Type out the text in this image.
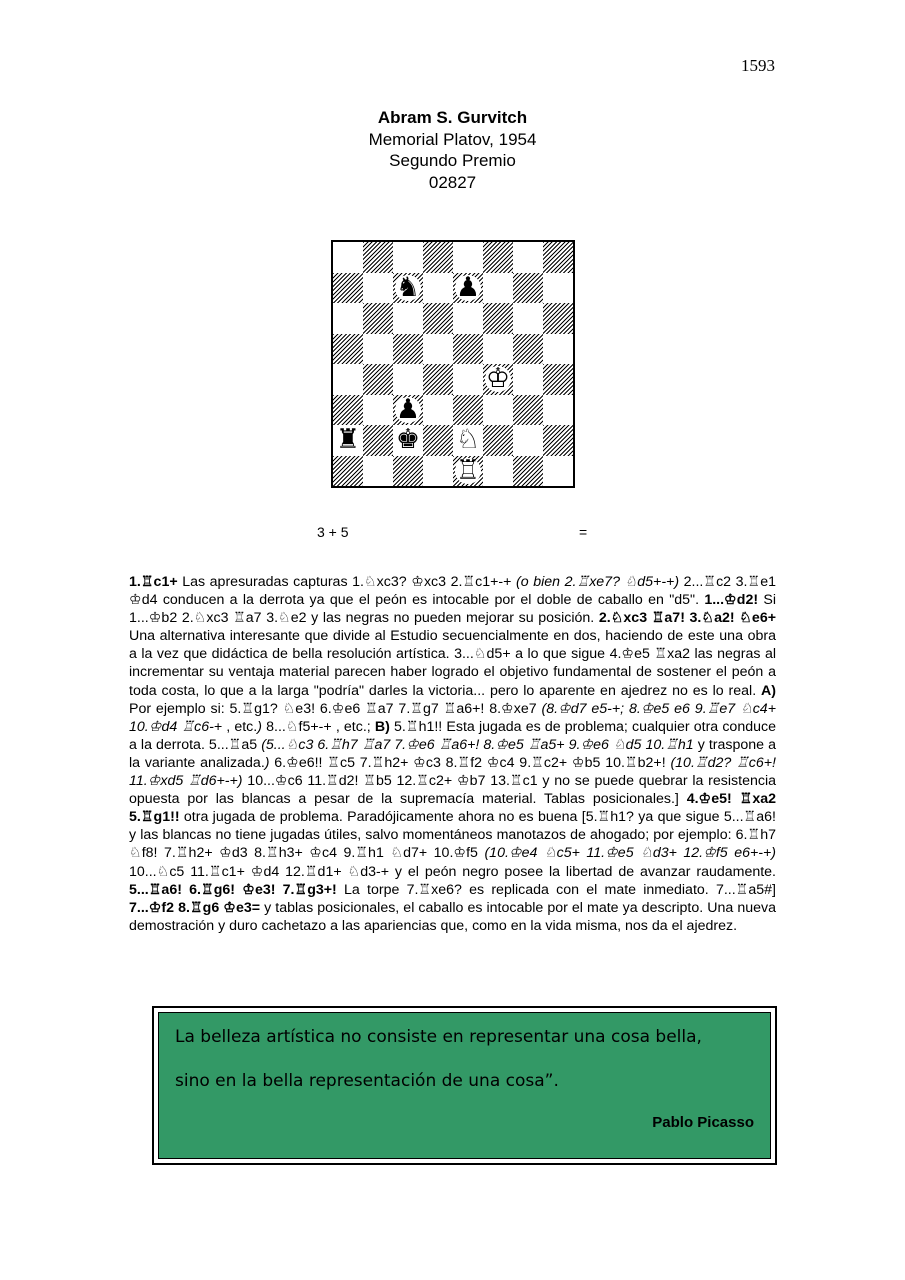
1593
Abram S. Gurvitch
Memorial Platov, 1954
Segundo Premio
02827
♞ ♟
♔
♟
♜ ♚ ♘
♖
3 + 5	=

1.♖c1+ Las apresuradas capturas 1.♘xc3? ♔xc3 2.♖c1+-+ (o bien 2.♖xe7? ♘d5+-+) 2...♖c2 3.♖e1 ♔d4 conducen a la derrota ya que el peón es intocable por el doble de caballo en "d5". 1...♔d2! Si 1...♔b2 2.♘xc3 ♖a7 3.♘e2 y las negras no pueden mejorar su posición. 2.♘xc3 ♖a7! 3.♘a2! ♘e6+ Una alternativa interesante que divide al Estudio secuencialmente en dos, haciendo de este una obra a la vez que didáctica de bella resolución artística. 3...♘d5+ a lo que sigue 4.♔e5 ♖xa2 las negras al incrementar su ventaja material parecen haber logrado el objetivo fundamental de sostener el peón a toda costa, lo que a la larga "podría" darles la victoria... pero lo aparente en ajedrez no es lo real. A) Por ejemplo si: 5.♖g1? ♘e3! 6.♔e6 ♖a7 7.♖g7 ♖a6+! 8.♔xe7 (8.♔d7 e5-+; 8.♔e5 e6 9.♖e7 ♘c4+ 10.♔d4 ♖c6-+ , etc.) 8...♘f5+-+ , etc.; B) 5.♖h1!! Esta jugada es de problema; cualquier otra conduce a la derrota. 5...♖a5 (5...♘c3 6.♖h7 ♖a7 7.♔e6 ♖a6+! 8.♔e5 ♖a5+ 9.♔e6 ♘d5 10.♖h1 y traspone a la variante analizada.) 6.♔e6!! ♖c5 7.♖h2+ ♔c3 8.♖f2 ♔c4 9.♖c2+ ♔b5 10.♖b2+! (10.♖d2? ♖c6+! 11.♔xd5 ♖d6+-+) 10...♔c6 11.♖d2! ♖b5 12.♖c2+ ♔b7 13.♖c1 y no se puede quebrar la resistencia opuesta por las blancas a pesar de la supremacía material. Tablas posicionales.] 4.♔e5! ♖xa2 5.♖g1!! otra jugada de problema. Paradójicamente ahora no es buena [5.♖h1? ya que sigue 5...♖a6! y las blancas no tiene jugadas útiles, salvo momentáneos manotazos de ahogado; por ejemplo: 6.♖h7 ♘f8! 7.♖h2+ ♔d3 8.♖h3+ ♔c4 9.♖h1 ♘d7+ 10.♔f5 (10.♔e4 ♘c5+ 11.♔e5 ♘d3+ 12.♔f5 e6+-+) 10...♘c5 11.♖c1+ ♔d4 12.♖d1+ ♘d3-+ y el peón negro posee la libertad de avanzar raudamente. 5...♖a6! 6.♖g6! ♔e3! 7.♖g3+! La torpe 7.♖xe6? es replicada con el mate inmediato. 7...♖a5#] 7...♔f2 8.♖g6 ♔e3= y tablas posicionales, el caballo es intocable por el mate ya descripto. Una nueva demostración y duro cachetazo a las apariencias que, como en la vida misma, nos da el ajedrez.

La belleza artística no consiste en representar una cosa bella,
sino en la bella representación de una cosa”.
Pablo Picasso
